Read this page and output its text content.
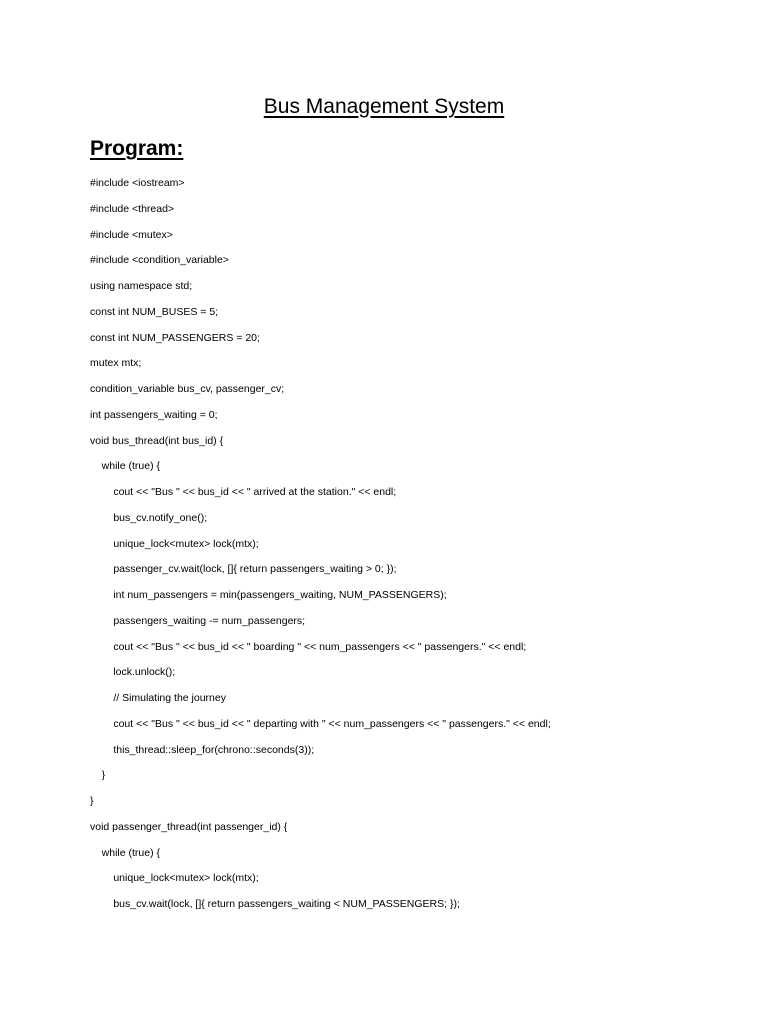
Bus Management System
Program:
#include <iostream>
#include <thread>
#include <mutex>
#include <condition_variable>
using namespace std;
const int NUM_BUSES = 5;
const int NUM_PASSENGERS = 20;
mutex mtx;
condition_variable bus_cv, passenger_cv;
int passengers_waiting = 0;
void bus_thread(int bus_id) {
while (true) {
cout << "Bus " << bus_id << " arrived at the station." << endl;
bus_cv.notify_one();
unique_lock<mutex> lock(mtx);
passenger_cv.wait(lock, []{ return passengers_waiting > 0; });
int num_passengers = min(passengers_waiting, NUM_PASSENGERS);
passengers_waiting -= num_passengers;
cout << "Bus " << bus_id << " boarding " << num_passengers << " passengers." << endl;
lock.unlock();
// Simulating the journey
cout << "Bus " << bus_id << " departing with " << num_passengers << " passengers." << endl;
this_thread::sleep_for(chrono::seconds(3));
}
}
void passenger_thread(int passenger_id) {
while (true) {
unique_lock<mutex> lock(mtx);
bus_cv.wait(lock, []{ return passengers_waiting < NUM_PASSENGERS; });
